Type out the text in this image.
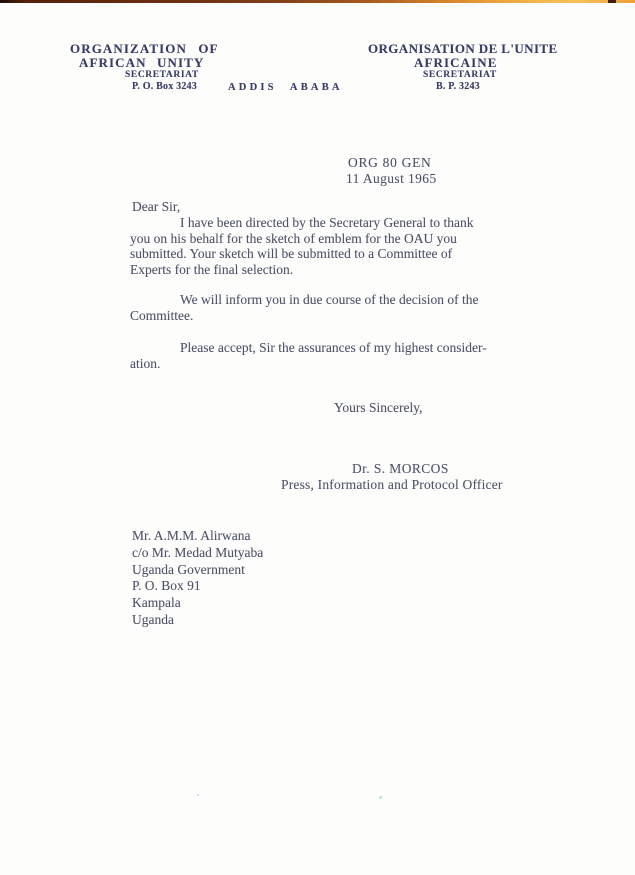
ORGANIZATION OF
AFRICAN UNITY
SECRETARIAT
P. O. Box 3243	ADDIS ABABA
ORGANISATION DE L'UNITE
AFRICAINE
SECRETARIAT
B. P. 3243
ORG 80 GEN
11 August 1965
Dear Sir,
I have been directed by the Secretary General to thank
you on his behalf for the sketch of emblem for the OAU you
submitted. Your sketch will be submitted to a Committee of
Experts for the final selection.
We will inform you in due course of the decision of the
Committee.
Please accept, Sir the assurances of my highest consider-
ation.
Yours Sincerely,
Dr. S. MORCOS
Press, Information and Protocol Officer
Mr. A.M.M. Alirwana
c/o Mr. Medad Mutyaba
Uganda Government
P. O. Box 91
Kampala
Uganda
